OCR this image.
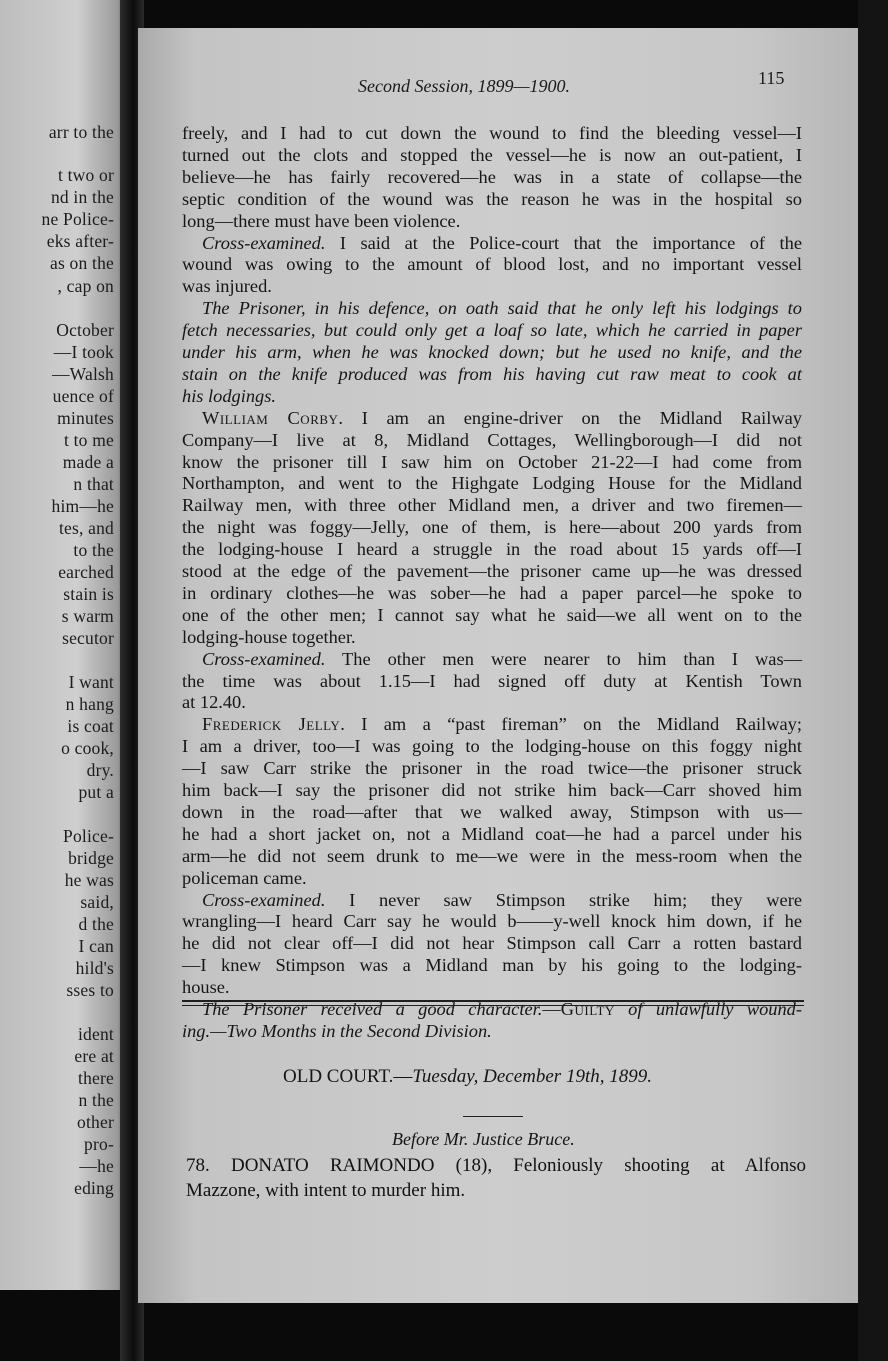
arr to the
t two or
nd in the
ne Police-
eks after-
as on the
, cap on
October
—I took
—Walsh
uence of
minutes
t to me
made a
n that
him—he
tes, and
to the
earched
stain is
s warm
secutor
I want
n hang
is coat
o cook,
dry.
put a
Police-
bridge
he was
said,
d the
I can
hild's
sses to
ident
ere at
there
n the
other
pro-
—he
eding
Second Session, 1899—1900.	115
freely, and I had to cut down the wound to find the bleeding vessel—I
turned out the clots and stopped the vessel—he is now an out-patient, I
believe—he has fairly recovered—he was in a state of collapse—the
septic condition of the wound was the reason he was in the hospital so
long—there must have been violence.
Cross-examined. I said at the Police-court that the importance of the
wound was owing to the amount of blood lost, and no important vessel
was injured.
The Prisoner, in his defence, on oath said that he only left his lodgings to
fetch necessaries, but could only get a loaf so late, which he carried in paper
under his arm, when he was knocked down; but he used no knife, and the
stain on the knife produced was from his having cut raw meat to cook at
his lodgings.
William Corby. I am an engine-driver on the Midland Railway
Company—I live at 8, Midland Cottages, Wellingborough—I did not
know the prisoner till I saw him on October 21-22—I had come from
Northampton, and went to the Highgate Lodging House for the Midland
Railway men, with three other Midland men, a driver and two firemen—
the night was foggy—Jelly, one of them, is here—about 200 yards from
the lodging-house I heard a struggle in the road about 15 yards off—I
stood at the edge of the pavement—the prisoner came up—he was dressed
in ordinary clothes—he was sober—he had a paper parcel—he spoke to
one of the other men; I cannot say what he said—we all went on to the
lodging-house together.
Cross-examined. The other men were nearer to him than I was—
the time was about 1.15—I had signed off duty at Kentish Town
at 12.40.
Frederick Jelly. I am a “past fireman” on the Midland Railway;
I am a driver, too—I was going to the lodging-house on this foggy night
—I saw Carr strike the prisoner in the road twice—the prisoner struck
him back—I say the prisoner did not strike him back—Carr shoved him
down in the road—after that we walked away, Stimpson with us—
he had a short jacket on, not a Midland coat—he had a parcel under his
arm—he did not seem drunk to me—we were in the mess-room when the
policeman came.
Cross-examined. I never saw Stimpson strike him; they were
wrangling—I heard Carr say he would b——y-well knock him down, if he
he did not clear off—I did not hear Stimpson call Carr a rotten bastard
—I knew Stimpson was a Midland man by his going to the lodging-
house.
The Prisoner received a good character.—Guilty of unlawfully wound-
ing.—Two Months in the Second Division.
OLD COURT.—Tuesday, December 19th, 1899.
Before Mr. Justice Bruce.
78. DONATO RAIMONDO (18), Feloniously shooting at Alfonso
Mazzone, with intent to murder him.
